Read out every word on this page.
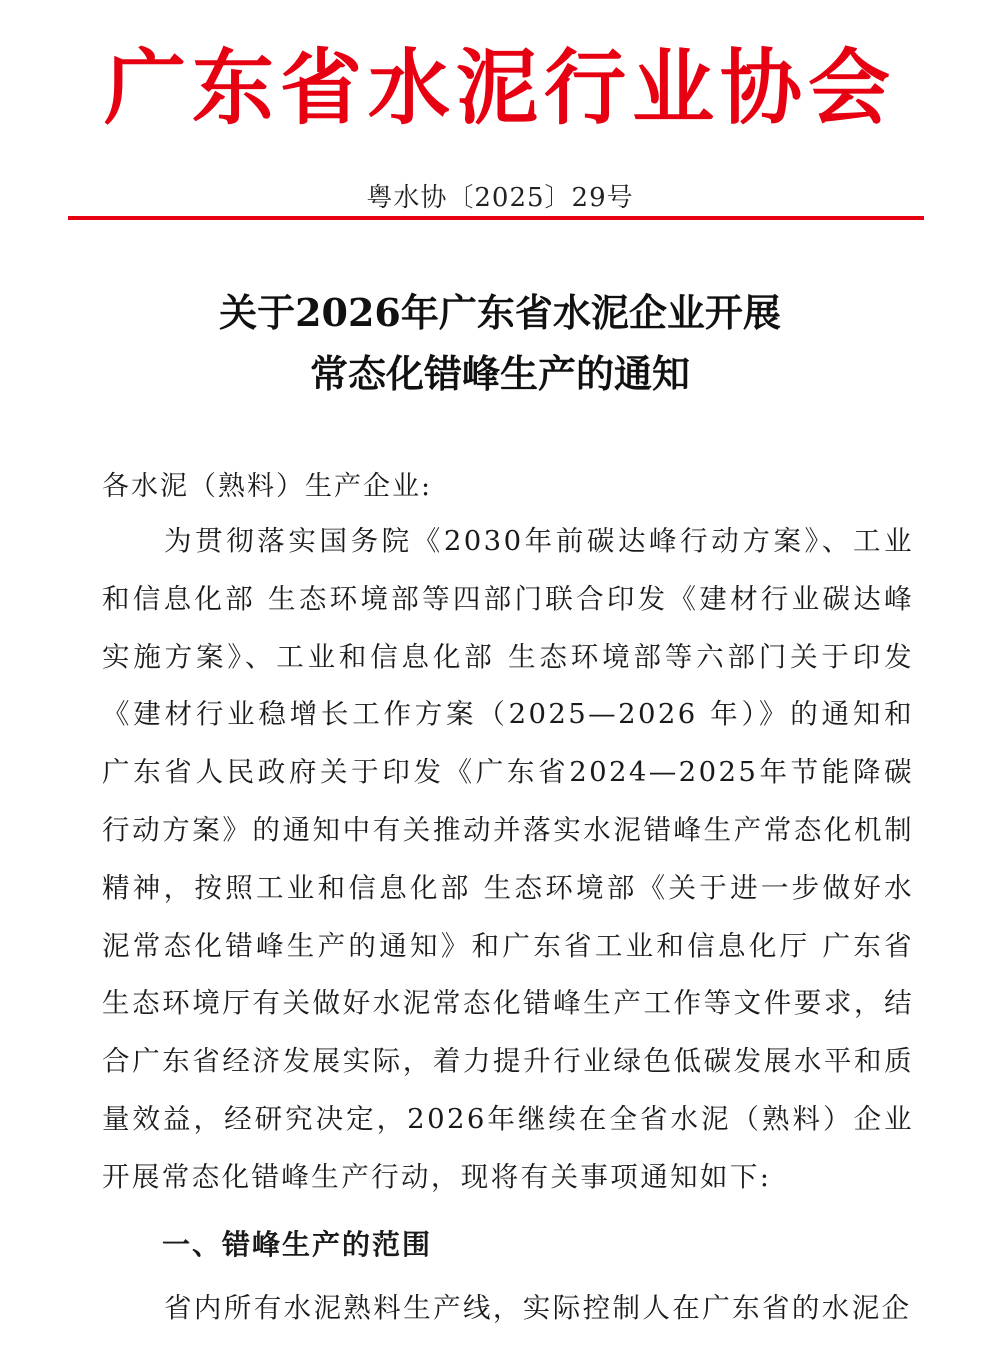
广东省水泥行业协会
粤水协〔2025〕29号
关于2026年广东省水泥企业开展
常态化错峰生产的通知
各水泥（熟料）生产企业:

为贯彻落实国务院《2030年前碳达峰行动方案》、工业和信息化部 生态环境部等四部门联合印发《建材行业碳达峰实施方案》、工业和信息化部 生态环境部等六部门关于印发《建材行业稳增长工作方案（2025—2026 年）》的通知和广东省人民政府关于印发《广东省2024—2025年节能降碳行动方案》的通知中有关推动并落实水泥错峰生产常态化机制精神，按照工业和信息化部 生态环境部《关于进一步做好水泥常态化错峰生产的通知》和广东省工业和信息化厅 广东省生态环境厅有关做好水泥常态化错峰生产工作等文件要求，结合广东省经济发展实际，着力提升行业绿色低碳发展水平和质量效益，经研究决定，2026年继续在全省水泥（熟料）企业开展常态化错峰生产行动，现将有关事项通知如下:

一、错峰生产的范围

省内所有水泥熟料生产线，实际控制人在广东省的水泥企
